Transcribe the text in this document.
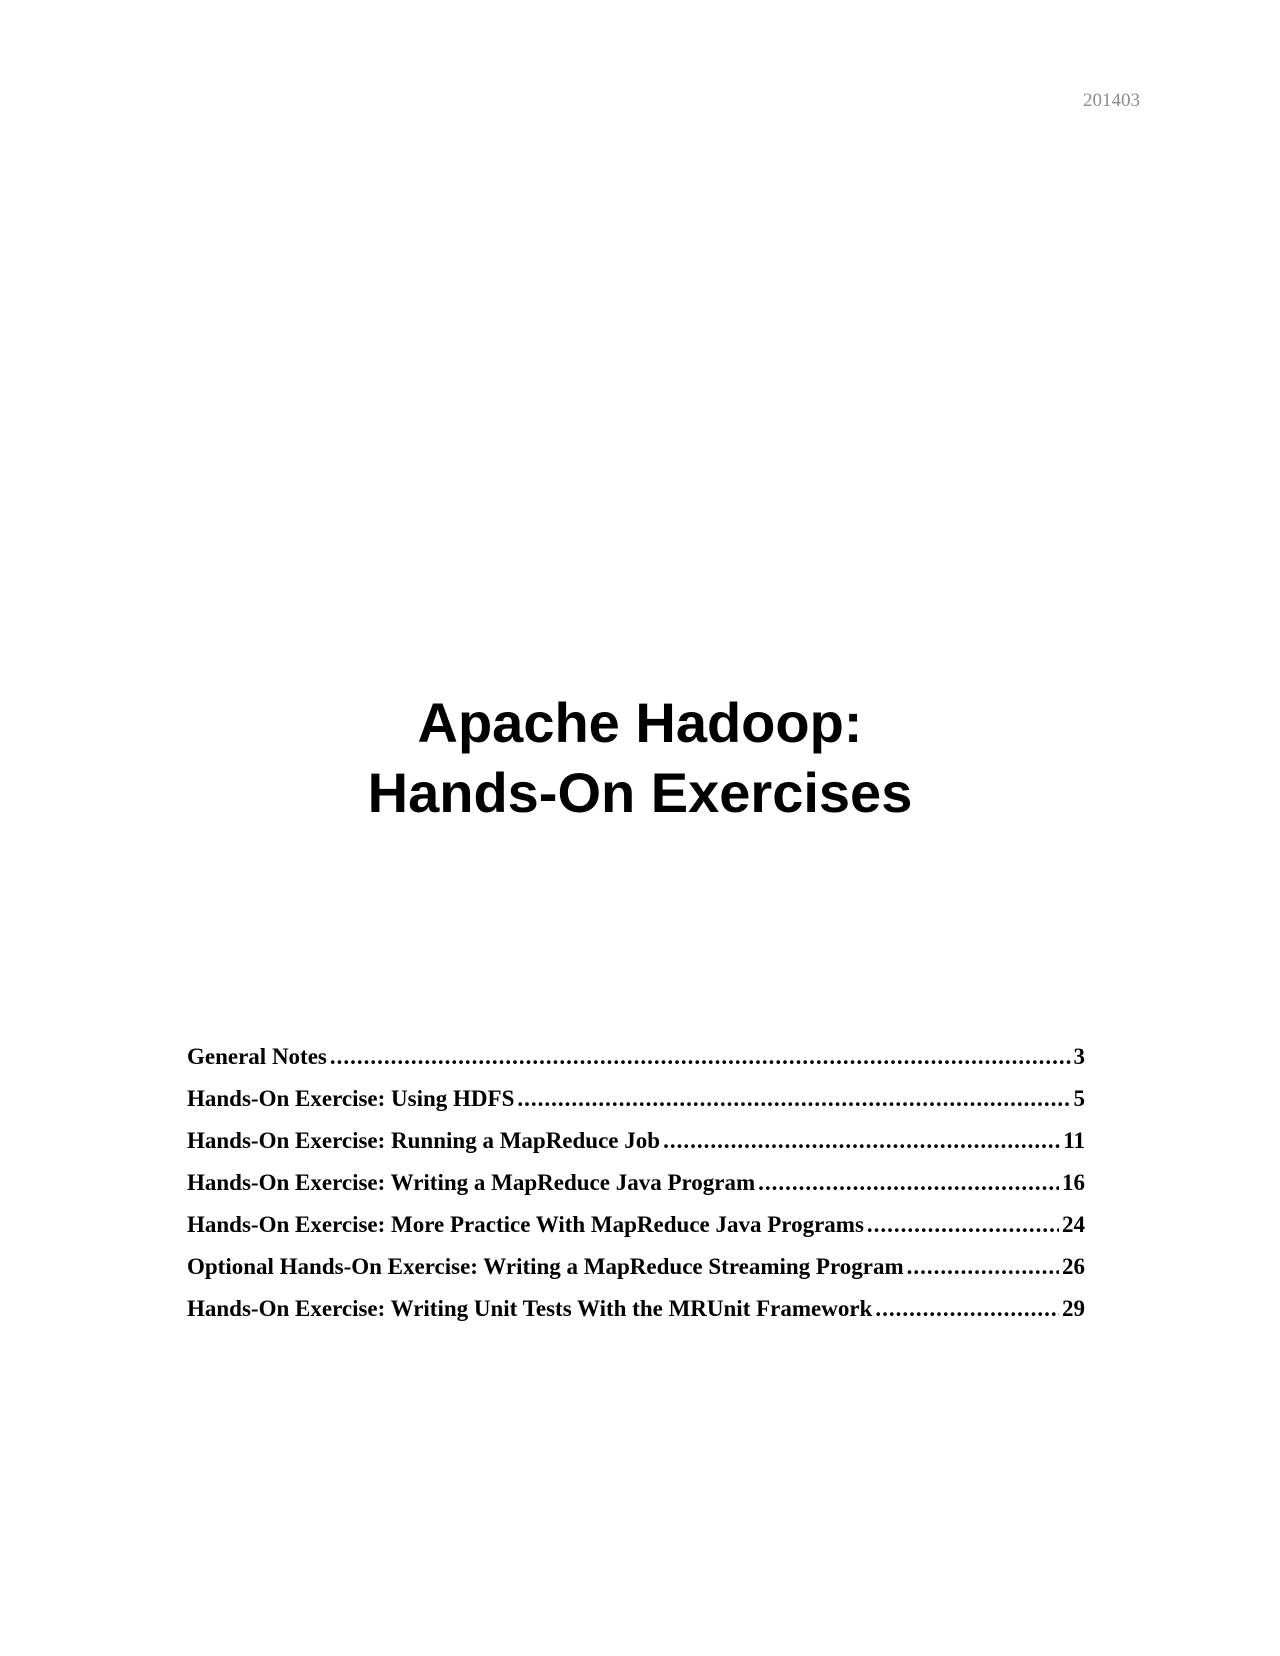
201403
Apache Hadoop:
Hands-On Exercises
General Notes .....	3
Hands-On Exercise: Using HDFS .....	5
Hands-On Exercise: Running a MapReduce Job .....	11
Hands-On Exercise: Writing a MapReduce Java Program .....	16
Hands-On Exercise: More Practice With MapReduce Java Programs .....	24
Optional Hands-On Exercise: Writing a MapReduce Streaming Program .....	26
Hands-On Exercise: Writing Unit Tests With the MRUnit Framework .....	29
